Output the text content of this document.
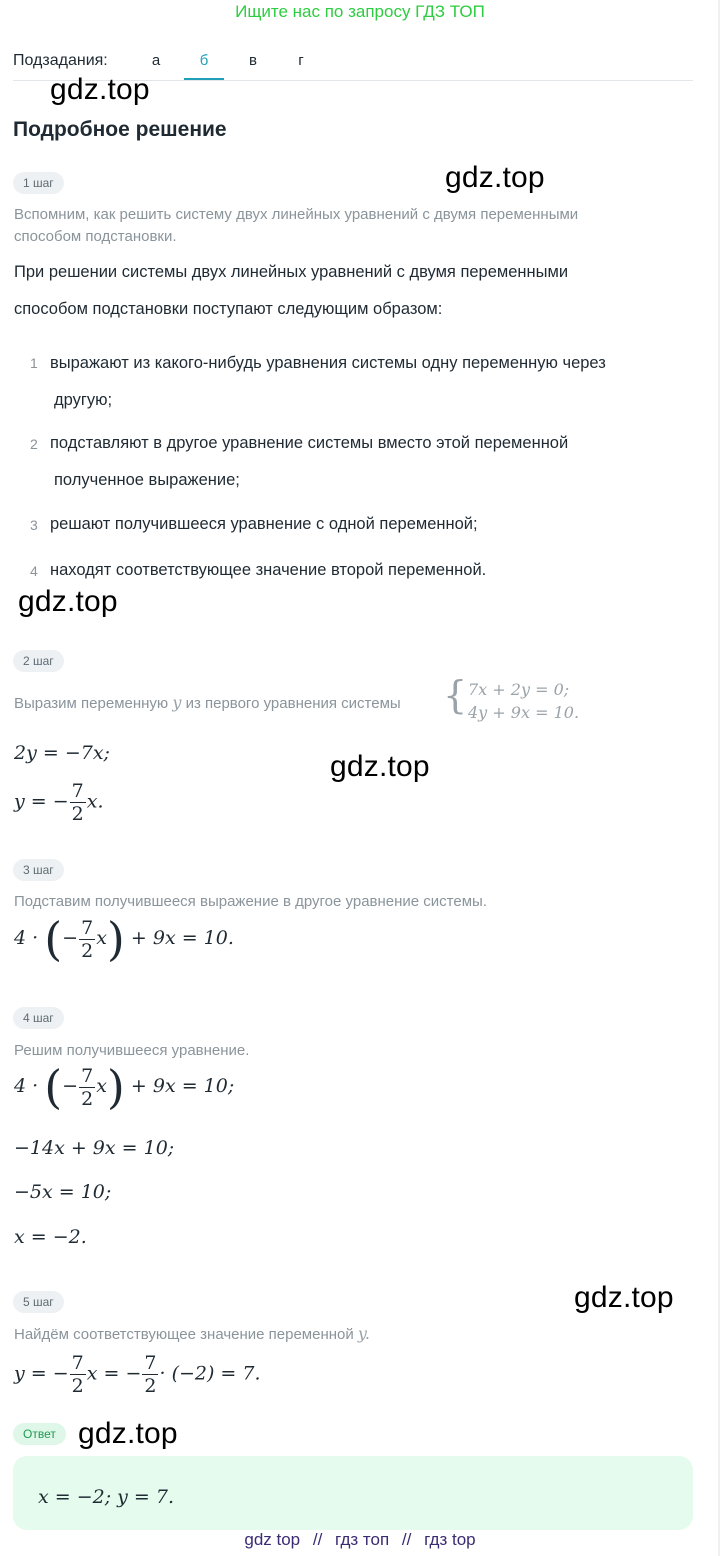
Ищите нас по запросу ГДЗ ТОП
Подзадания:	а	б	в	г
gdz.top
Подробное решение
gdz.top
1 шаг
Вспомним, как решить систему двух линейных уравнений с двумя переменными
способом подстановки.
При решении системы двух линейных уравнений с двумя переменными
способом подстановки поступают следующим образом:
1 выражают из какого-нибудь уравнения системы одну переменную через
другую;
2 подставляют в другое уравнение системы вместо этой переменной
полученное выражение;
3 решают получившееся уравнение с одной переменной;
4 находят соответствующее значение второй переменной.
gdz.top
2 шаг
Выразим переменную y из первого уравнения системы { 7x + 2y = 0;
4y + 9x = 10.
2y = −7x;
y = − $\frac{7}{2} x$.
gdz.top
3 шаг
Подставим получившееся выражение в другое уравнение системы.
4 · (− $\frac{7}{2} x) + 9x = 10$.
4 шаг
Решим получившееся уравнение.
4 · (− $\frac{7}{2} x) + 9x = 10$;
−14x + 9x = 10;
−5x = 10;
x = −2.
gdz.top
5 шаг
Найдём соответствующее значение переменной y.
y = − $\frac{7}{2}$ x = − $\frac{7}{2} \cdot (-2) = 7$.
Ответ gdz.top
x = −2; y = 7.
gdz top // гдз топ // гдз top
